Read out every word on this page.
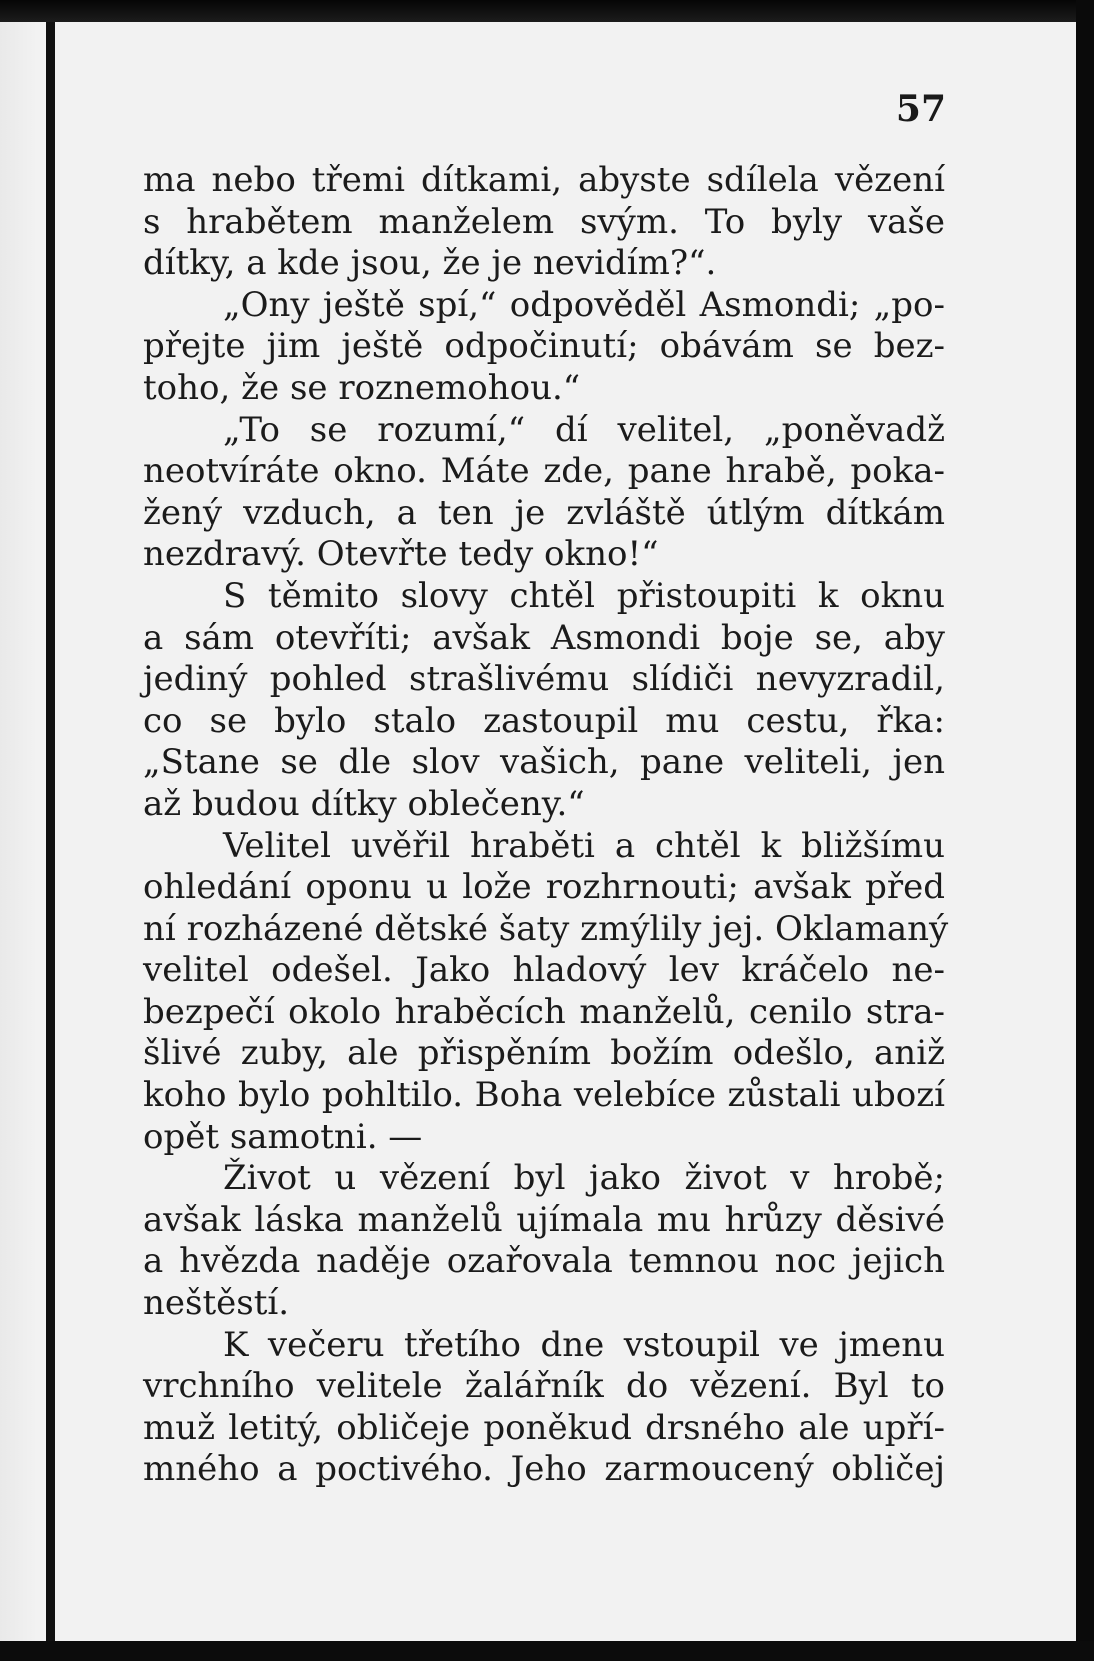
57
ma nebo třemi dítkami, abyste sdílela vězení
s hrabětem manželem svým. To byly vaše
dítky, a kde jsou, že je nevidím?“.
„Ony ještě spí,“ odpověděl Asmondi; „po-
přejte jim ještě odpočinutí; obávám se bez-
toho, že se roznemohou.“
„To se rozumí,“ dí velitel, „poněvadž
neotvíráte okno. Máte zde, pane hrabě, poka-
žený vzduch, a ten je zvláště útlým dítkám
nezdravý. Otevřte tedy okno!“
S těmito slovy chtěl přistoupiti k oknu
a sám otevříti; avšak Asmondi boje se, aby
jediný pohled strašlivému slídiči nevyzradil,
co se bylo stalo zastoupil mu cestu, řka:
„Stane se dle slov vašich, pane veliteli, jen
až budou dítky oblečeny.“
Velitel uvěřil hraběti a chtěl k bližšímu
ohledání oponu u lože rozhrnouti; avšak před
ní rozházené dětské šaty zmýlily jej. Oklamaný
velitel odešel. Jako hladový lev kráčelo ne-
bezpečí okolo hraběcích manželů, cenilo stra-
šlivé zuby, ale přispěním božím odešlo, aniž
koho bylo pohltilo. Boha velebíce zůstali ubozí
opět samotni. —
Život u vězení byl jako život v hrobě;
avšak láska manželů ujímala mu hrůzy děsivé
a hvězda naděje ozařovala temnou noc jejich
neštěstí.
K večeru třetího dne vstoupil ve jmenu
vrchního velitele žalářník do vězení. Byl to
muž letitý, obličeje poněkud drsného ale upří-
mného a poctivého. Jeho zarmoucený obličej
